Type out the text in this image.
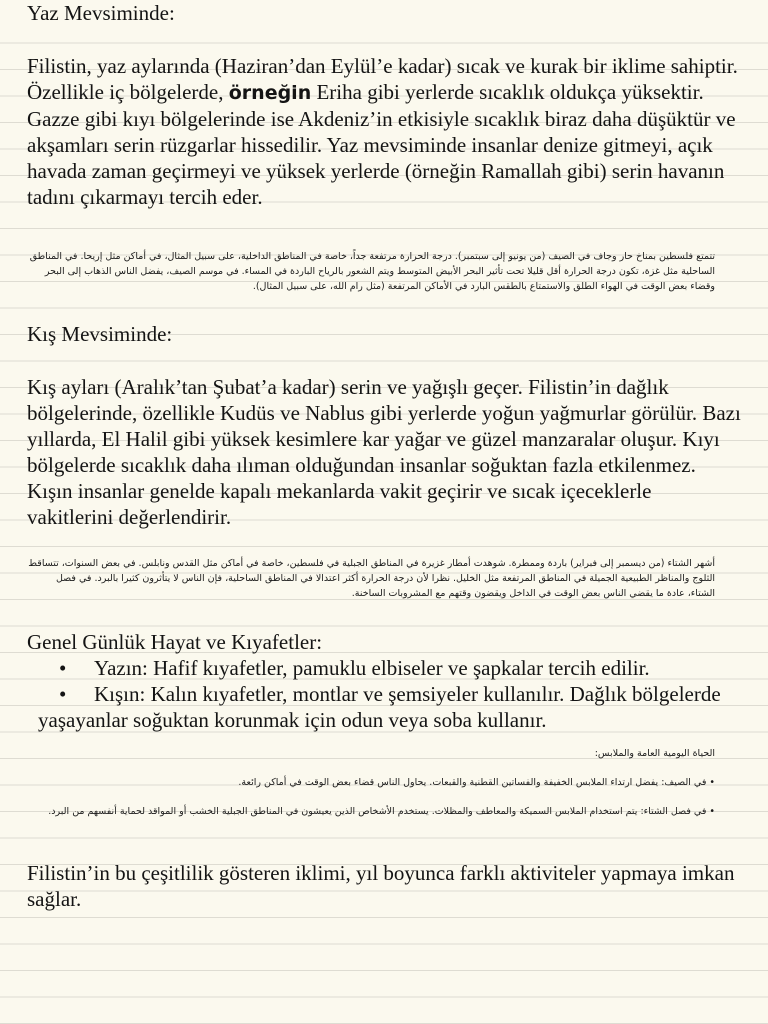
Yaz Mevsiminde:

Filistin, yaz aylarında (Haziran’dan Eylül’e kadar) sıcak ve kurak bir iklime sahiptir. Özellikle iç bölgelerde, örneğin Eriha gibi yerlerde sıcaklık oldukça yüksektir. Gazze gibi kıyı bölgelerinde ise Akdeniz’in etkisiyle sıcaklık biraz daha düşüktür ve akşamları serin rüzgarlar hissedilir. Yaz mevsiminde insanlar denize gitmeyi, açık havada zaman geçirmeyi ve yüksek yerlerde (örneğin Ramallah gibi) serin havanın tadını çıkarmayı tercih eder.

تتمتع فلسطين بمناخ حار وجاف في الصيف (من يونيو إلى سبتمبر). درجة الحرارة مرتفعة جداً، خاصة في المناطق الداخلية، على سبيل المثال، في أماكن مثل إريحا. في المناطق الساحلية مثل غزة، تكون درجة الحرارة أقل قليلا تحت تأثير البحر الأبيض المتوسط ويتم الشعور بالرياح الباردة في المساء. في موسم الصيف، يفضل الناس الذهاب إلى البحر وقضاء بعض الوقت في الهواء الطلق والاستمتاع بالطقس البارد في الأماكن المرتفعة (مثل رام الله، على سبيل المثال).

Kış Mevsiminde:

Kış ayları (Aralık’tan Şubat’a kadar) serin ve yağışlı geçer. Filistin’in dağlık bölgelerinde, özellikle Kudüs ve Nablus gibi yerlerde yoğun yağmurlar görülür. Bazı yıllarda, El Halil gibi yüksek kesimlere kar yağar ve güzel manzaralar oluşur. Kıyı bölgelerde sıcaklık daha ılıman olduğundan insanlar soğuktan fazla etkilenmez. Kışın insanlar genelde kapalı mekanlarda vakit geçirir ve sıcak içeceklerle vakitlerini değerlendirir.

أشهر الشتاء (من ديسمبر إلى فبراير) باردة وممطرة. شوهدت أمطار غزيرة في المناطق الجبلية في فلسطين، خاصة في أماكن مثل القدس ونابلس. في بعض السنوات، تتساقط الثلوج والمناظر الطبيعية الجميلة في المناطق المرتفعة مثل الخليل. نظرا لأن درجة الحرارة أكثر اعتدالا في المناطق الساحلية، فإن الناس لا يتأثرون كثيرا بالبرد. في فصل الشتاء، عادة ما يقضي الناس بعض الوقت في الداخل ويقضون وقتهم مع المشروبات الساخنة.

Genel Günlük Hayat ve Kıyafetler:
•	Yazın: Hafif kıyafetler, pamuklu elbiseler ve şapkalar tercih edilir.
•	Kışın: Kalın kıyafetler, montlar ve şemsiyeler kullanılır. Dağlık bölgelerde yaşayanlar soğuktan korunmak için odun veya soba kullanır.

الحياة اليومية العامة والملابس:

• في الصيف: يفضل ارتداء الملابس الخفيفة والفساتين القطنية والقبعات. يحاول الناس قضاء بعض الوقت في أماكن رائعة.

• في فصل الشتاء: يتم استخدام الملابس السميكة والمعاطف والمظلات. يستخدم الأشخاص الذين يعيشون في المناطق الجبلية الخشب أو المواقد لحماية أنفسهم من البرد.

Filistin’in bu çeşitlilik gösteren iklimi, yıl boyunca farklı aktiviteler yapmaya imkan sağlar.
